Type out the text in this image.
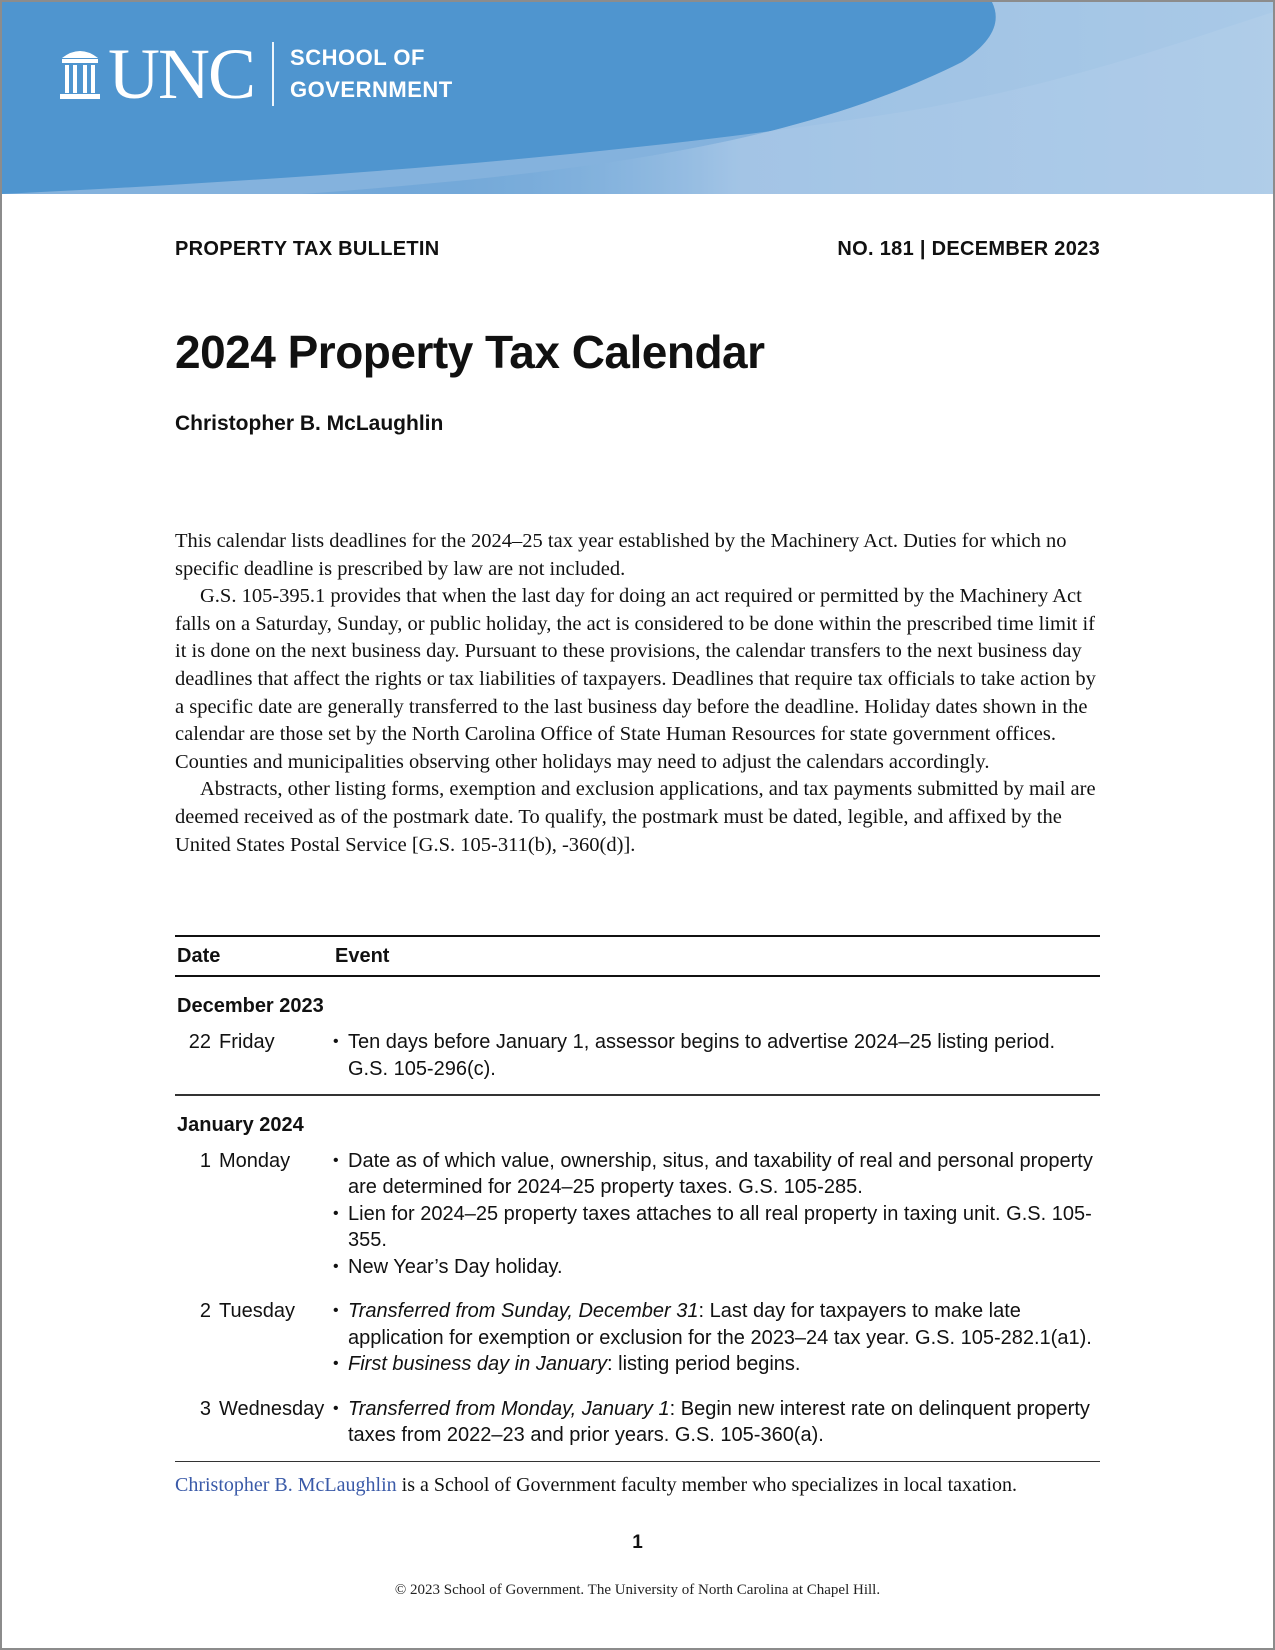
UNC SCHOOL OF
GOVERNMENT
PROPERTY TAX BULLETIN	NO. 181 | DECEMBER 2023
2024 Property Tax Calendar
Christopher B. McLaughlin

This calendar lists deadlines for the 2024–25 tax year established by the Machinery Act. Duties for which no specific deadline is prescribed by law are not included.

G.S. 105-395.1 provides that when the last day for doing an act required or permitted by the Machinery Act falls on a Saturday, Sunday, or public holiday, the act is considered to be done within the prescribed time limit if it is done on the next business day. Pursuant to these provisions, the calendar transfers to the next business day deadlines that affect the rights or tax liabilities of taxpayers. Deadlines that require tax officials to take action by a specific date are generally transferred to the last business day before the deadline. Holiday dates shown in the calendar are those set by the North Carolina Office of State Human Resources for state government offices. Counties and municipalities observing other holidays may need to adjust the calendars accordingly.

Abstracts, other listing forms, exemption and exclusion applications, and tax payments submitted by mail are deemed received as of the postmark date. To qualify, the postmark must be dated, legible, and affixed by the United States Postal Service [G.S. 105-311(b), -360(d)].

Date	Event
December 2023
22 Friday	• Ten days before January 1, assessor begins to advertise 2024–25 listing period. G.S. 105-296(c).
January 2024
1 Monday	• Date as of which value, ownership, situs, and taxability of real and personal property are determined for 2024–25 property taxes. G.S. 105-285.
• Lien for 2024–25 property taxes attaches to all real property in taxing unit. G.S. 105-355.
• New Year’s Day holiday.
2 Tuesday	• Transferred from Sunday, December 31: Last day for taxpayers to make late application for exemption or exclusion for the 2023–24 tax year. G.S. 105-282.1(a1).
• First business day in January: listing period begins.
3 Wednesday	• Transferred from Monday, January 1: Begin new interest rate on delinquent property taxes from 2022–23 and prior years. G.S. 105-360(a).
Christopher B. McLaughlin is a School of Government faculty member who specializes in local taxation.
1
© 2023 School of Government. The University of North Carolina at Chapel Hill.
